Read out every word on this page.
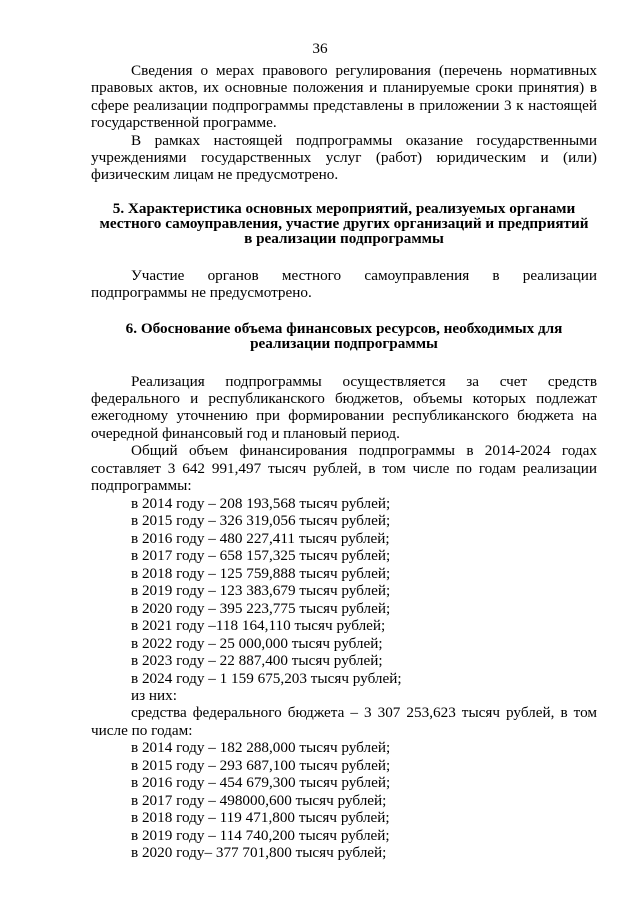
36

Сведения о мерах правового регулирования (перечень нормативных правовых актов, их основные положения и планируемые сроки принятия) в сфере реализации подпрограммы представлены в приложении 3 к настоящей государственной программе.

В рамках настоящей подпрограммы оказание государственными учреждениями государственных услуг (работ) юридическим и (или) физическим лицам не предусмотрено.

5. Характеристика основных мероприятий, реализуемых органами

местного самоуправления, участие других организаций и предприятий

в реализации подпрограммы

Участие органов местного самоуправления в реализации подпрограммы не предусмотрено.

6. Обоснование объема финансовых ресурсов, необходимых для

реализации подпрограммы

Реализация подпрограммы осуществляется за счет средств федерального и республиканского бюджетов, объемы которых подлежат ежегодному уточнению при формировании республиканского бюджета на очередной финансовый год и плановый период.

Общий объем финансирования подпрограммы в 2014-2024 годах составляет 3 642 991,497 тысяч рублей, в том числе по годам реализации подпрограммы:

в 2014 году – 208 193,568 тысяч рублей;
в 2015 году – 326 319,056 тысяч рублей;
в 2016 году – 480 227,411 тысяч рублей;
в 2017 году – 658 157,325 тысяч рублей;
в 2018 году – 125 759,888 тысяч рублей;
в 2019 году – 123 383,679 тысяч рублей;
в 2020 году – 395 223,775 тысяч рублей;
в 2021 году –118 164,110 тысяч рублей;
в 2022 году – 25 000,000 тысяч рублей;
в 2023 году – 22 887,400 тысяч рублей;
в 2024 году – 1 159 675,203 тысяч рублей;

из них:

средства федерального бюджета – 3 307 253,623 тысяч рублей, в том числе по годам:

в 2014 году – 182 288,000 тысяч рублей;
в 2015 году – 293 687,100 тысяч рублей;
в 2016 году – 454 679,300 тысяч рублей;
в 2017 году – 498000,600 тысяч рублей;
в 2018 году – 119 471,800 тысяч рублей;
в 2019 году – 114 740,200 тысяч рублей;
в 2020 году– 377 701,800 тысяч рублей;
